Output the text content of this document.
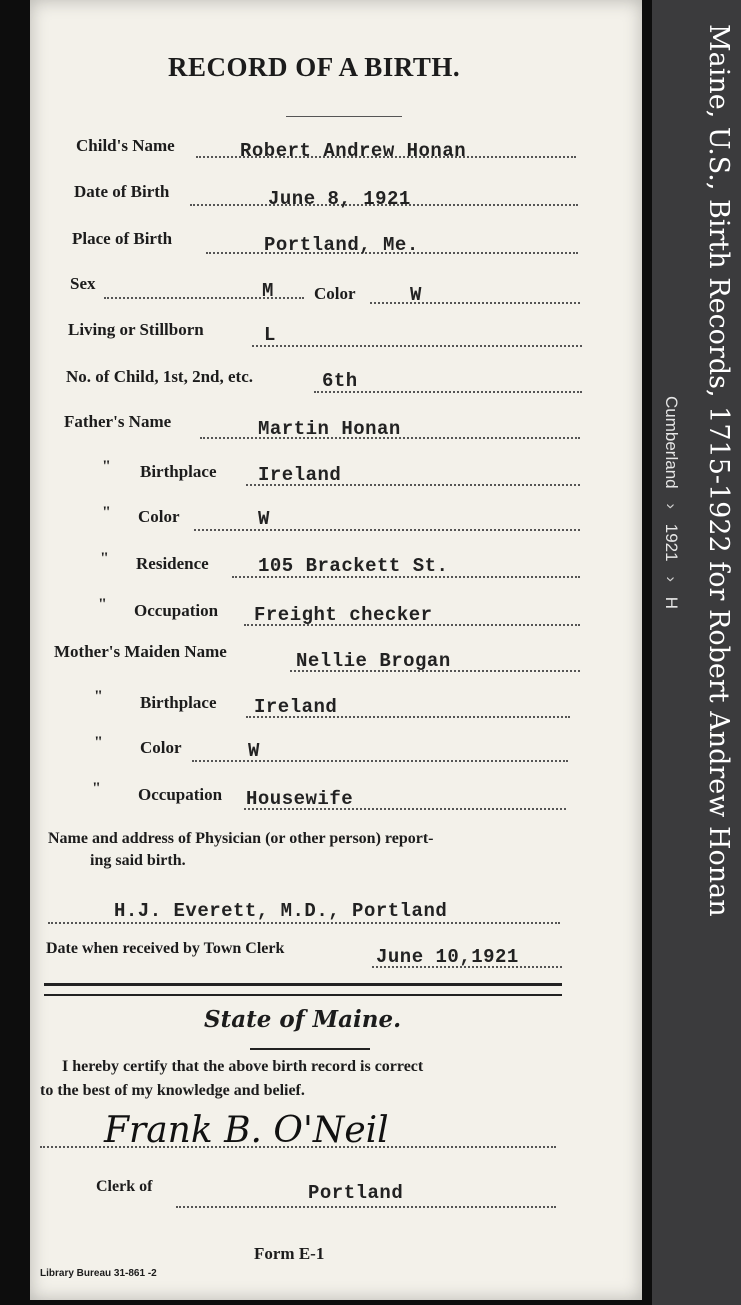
RECORD OF A BIRTH.
Child's Name	Robert Andrew Honan
Date of Birth	June 8, 1921
Place of Birth	Portland, Me.
Sex	M Color	W
Living or Stillborn	L
No. of Child, 1st, 2nd, etc.	6th
Father's Name	Martin Honan
" Birthplace Ireland
" Color	W
" Residence	105 Brackett St.
" Occupation Freight checker
Mother's Maiden Name	Nellie Brogan
" Birthplace Ireland
" Color	W
" Occupation Housewife
Name and address of Physician (or other person) report-
ing said birth.
H.J. Everett, M.D., Portland
Date when received by Town Clerk	June 10,1921
State of Maine.
I hereby certify that the above birth record is correct
to the best of my knowledge and belief.
Frank B. O'Neil
Clerk of	Portland
Form E-1
Library Bureau 31-861 -2
Maine, U.S., Birth Records, 1715-1922 for Robert Andrew Honan
Cumberland › 1921 › H
